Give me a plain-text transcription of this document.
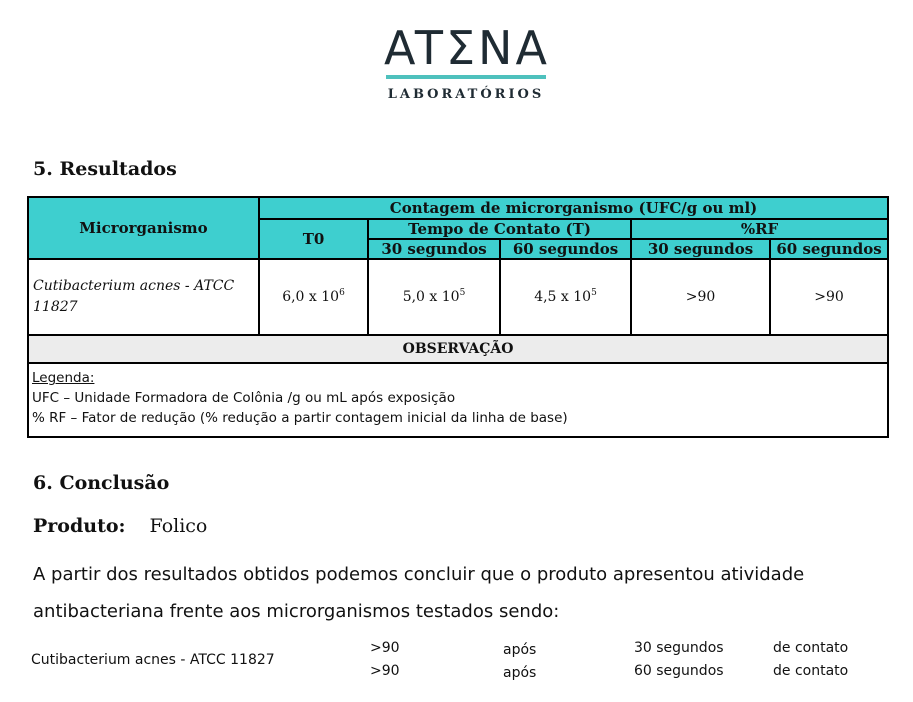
ATΣNA
LABORATÓRIOS
5. Resultados
Microrganismo	Contagem de microrganismo (UFC/g ou ml)				
	T0	Tempo de Contato (T)		%RF	
		30 segundos	60 segundos	30 segundos	60 segundos
Cutibacterium acnes - ATCC 11827	6,0 x $10^6$	5,0 x $10^5$	4,5 x $10^5$	>90	>90
OBSERVAÇÃO					

Legenda:
UFC – Unidade Formadora de Colônia /g ou mL após exposição
% RF – Fator de redução (% redução a partir contagem inicial da linha de base)					
6. Conclusão
Produto: Folico
A partir dos resultados obtidos podemos concluir que o produto apresentou atividade antibacteriana frente aos microrganismos testados sendo:
Cutibacterium acnes - ATCC 11827
>90	após	30 segundos	de contato
>90	após	60 segundos	de contato
